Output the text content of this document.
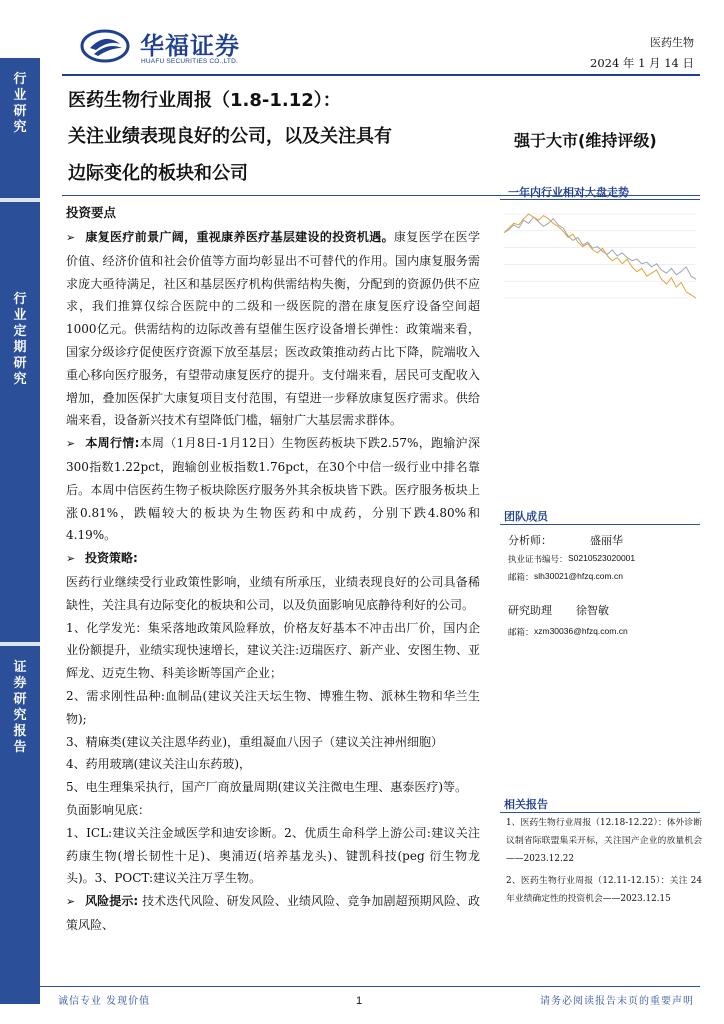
华福证券
HUAFU SECURITIES CO.,LTD.
医药生物
2024 年 1 月 14 日
行
业
研
究
行
业
定
期
研
究
证
券
研
究
报
告
医药生物行业周报（1.8-1.12）：
关注业绩表现良好的公司，以及关注具有
边际变化的板块和公司
强于大市(维持评级)

投资要点

➢ 康复医疗前景广阔，重视康养医疗基层建设的投资机遇。康复医学在医学价值、经济价值和社会价值等方面均彰显出不可替代的作用。国内康复服务需求庞大亟待满足，社区和基层医疗机构供需结构失衡，分配到的资源仍供不应求，我们推算仅综合医院中的二级和一级医院的潜在康复医疗设备空间超1000亿元。供需结构的边际改善有望催生医疗设备增长弹性：政策端来看，国家分级诊疗促使医疗资源下放至基层；医改政策推动药占比下降，院端收入重心移向医疗服务，有望带动康复医疗的提升。支付端来看，居民可支配收入增加，叠加医保扩大康复项目支付范围，有望进一步释放康复医疗需求。供给端来看，设备新兴技术有望降低门槛，辐射广大基层需求群体。

➢ 本周行情:本周（1月8日-1月12日）生物医药板块下跌2.57%，跑输沪深300指数1.22pct，跑输创业板指数1.76pct，在30个中信一级行业中排名靠后。本周中信医药生物子板块除医疗服务外其余板块皆下跌。医疗服务板块上涨0.81%，跌幅较大的板块为生物医药和中成药，分别下跌4.80%和4.19%。

➢ 投资策略:

医药行业继续受行业政策性影响，业绩有所承压，业绩表现良好的公司具备稀缺性，关注具有边际变化的板块和公司，以及负面影响见底静待利好的公司。

1、化学发光：集采落地政策风险释放，价格友好基本不冲击出厂价，国内企业份额提升，业绩实现快速增长，建议关注:迈瑞医疗、新产业、安图生物、亚辉龙、迈克生物、科美诊断等国产企业；

2、需求刚性品种:血制品(建议关注天坛生物、博雅生物、派林生物和华兰生物);

3、精麻类(建议关注恩华药业)，重组凝血八因子（建议关注神州细胞）

4、药用玻璃(建议关注山东药玻)，

5、电生理集采执行，国产厂商放量周期(建议关注微电生理、惠泰医疗)等。

负面影响见底：

1、ICL:建议关注金域医学和迪安诊断。2、优质生命科学上游公司:建议关注药康生物(增长韧性十足)、奥浦迈(培养基龙头)、键凯科技(peg 衍生物龙头)。3、POCT:建议关注万孚生物。

➢ 风险提示: 技术迭代风险、研发风险、业绩风险、竞争加剧超预期风险、政策风险、

一年内行业相对大盘走势
团队成员
分析师：	盛丽华
执业证书编号： S0210523020001
邮箱： slh30021@hfzq.com.cn
研究助理 徐智敏
邮箱： xzm30036@hfzq.com.cn
相关报告
1、医药生物行业周报（12.18-12.22）：体外诊断议制省际联盟集采开标，关注国产企业的放量机会——2023.12.22
2、医药生物行业周报（12.11-12.15）：关注 24 年业绩确定性的投资机会——2023.12.15
诚信专业 发现价值	1	请务必阅读报告末页的重要声明
